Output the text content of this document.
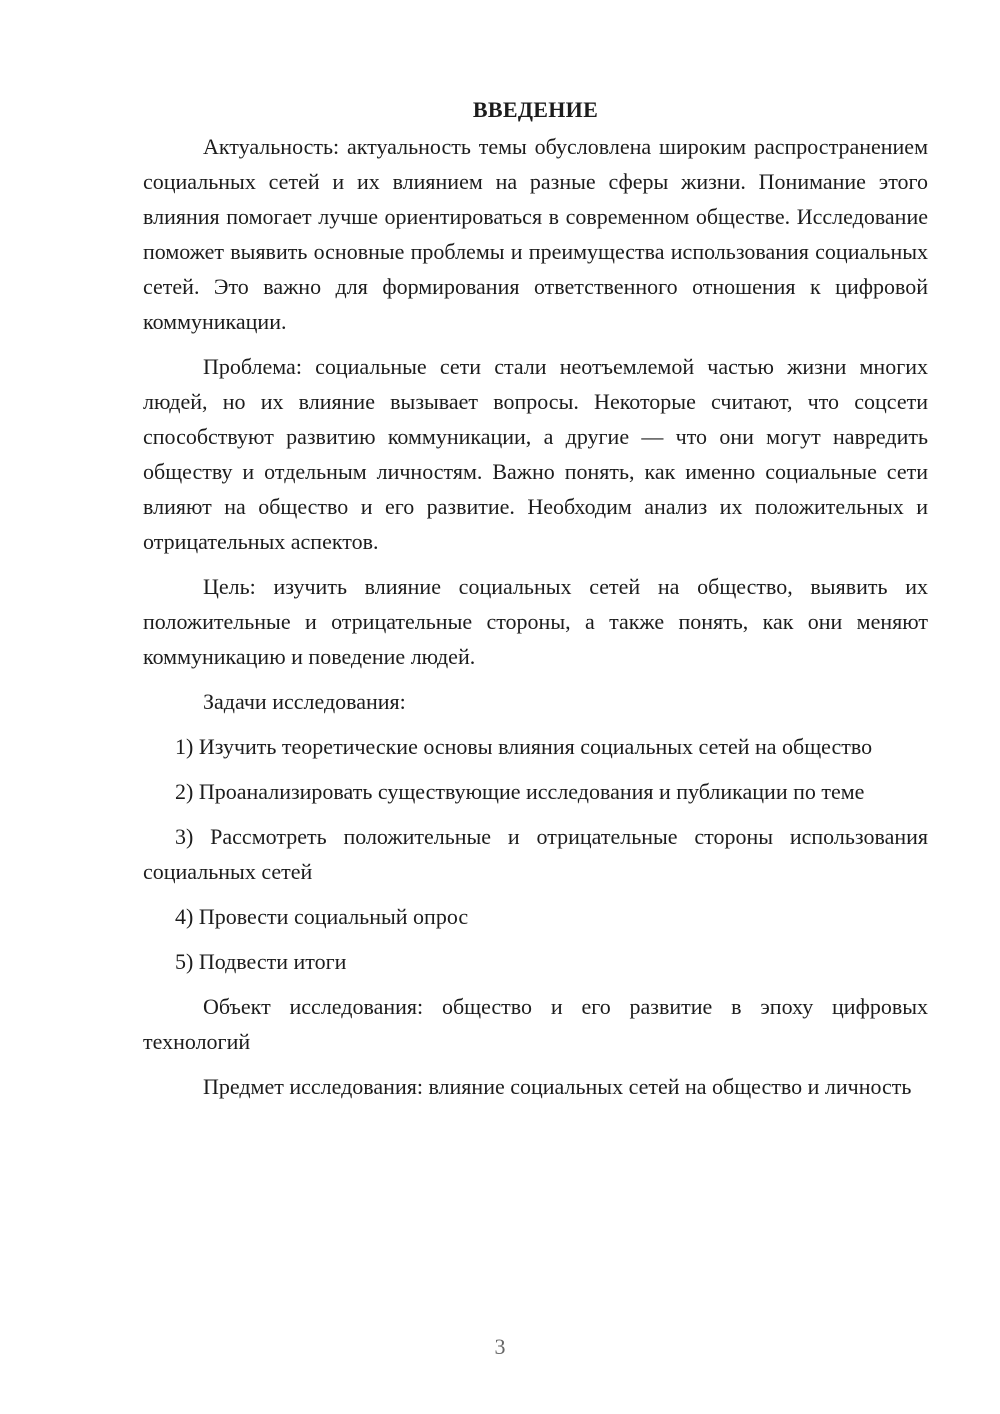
ВВЕДЕНИЕ

Актуальность: актуальность темы обусловлена широким распространением социальных сетей и их влиянием на разные сферы жизни. Понимание этого влияния помогает лучше ориентироваться в современном обществе. Исследование поможет выявить основные проблемы и преимущества использования социальных сетей. Это важно для формирования ответственного отношения к цифровой коммуникации.

Проблема: социальные сети стали неотъемлемой частью жизни многих людей, но их влияние вызывает вопросы. Некоторые считают, что соцсети способствуют развитию коммуникации, а другие — что они могут навредить обществу и отдельным личностям. Важно понять, как именно социальные сети влияют на общество и его развитие. Необходим анализ их положительных и отрицательных аспектов.

Цель: изучить влияние социальных сетей на общество, выявить их положительные и отрицательные стороны, а также понять, как они меняют коммуникацию и поведение людей.

Задачи исследования:

1) Изучить теоретические основы влияния социальных сетей на общество

2) Проанализировать существующие исследования и публикации по теме

3) Рассмотреть положительные и отрицательные стороны использования социальных сетей

4) Провести социальный опрос

5) Подвести итоги

Объект исследования: общество и его развитие в эпоху цифровых технологий

Предмет исследования: влияние социальных сетей на общество и личность

3
